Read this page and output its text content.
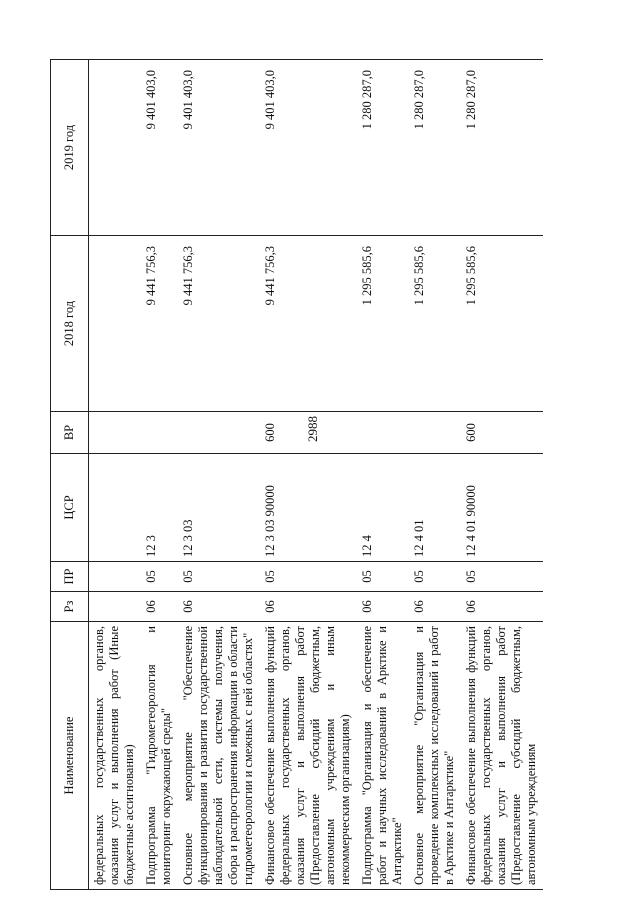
2988
Наименование	Рз	ПР	ЦСР	ВР	2018 год	2019 год
федеральных государственных органов, оказания услуг и выполнения работ (Иные бюджетные ассигнования)						
Подпрограмма "Гидрометеорология и мониторинг окружающей среды"	06	05	12 3		9 441 756,3	9 401 403,0
Основное мероприятие "Обеспечение функционирования и развития государственной наблюдательной сети, системы получения, сбора и распространения информации в области гидрометеорологии и смежных с ней областях"	06	05	12 3 03		9 441 756,3	9 401 403,0
Финансовое обеспечение выполнения функций федеральных государственных органов, оказания услуг и выполнения работ (Предоставление субсидий бюджетным, автономным учреждениям и иным некоммерческим организациям)	06	05	12 3 03 90000	600	9 441 756,3	9 401 403,0
Подпрограмма "Организация и обеспечение работ и научных исследований в Арктике и Антарктике"	06	05	12 4		1 295 585,6	1 280 287,0
Основное мероприятие "Организация и проведение комплексных исследований и работ в Арктике и Антарктике"	06	05	12 4 01		1 295 585,6	1 280 287,0
Финансовое обеспечение выполнения функций федеральных государственных органов, оказания услуг и выполнения работ (Предоставление субсидий бюджетным, автономным учреждениям	06	05	12 4 01 90000	600	1 295 585,6	1 280 287,0
